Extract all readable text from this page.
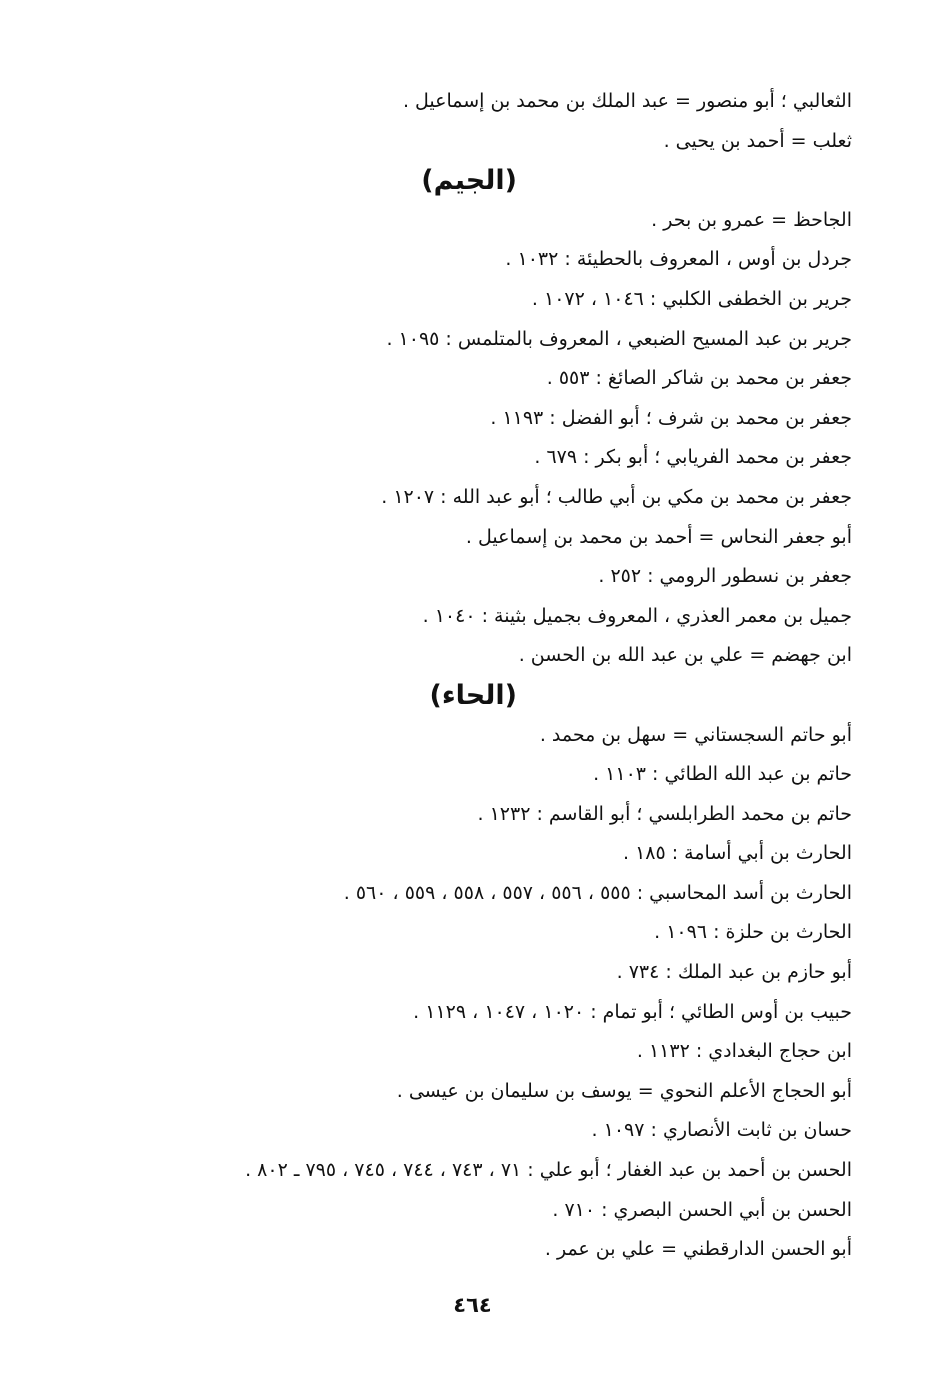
الثعالبي ؛ أبو منصور = عبد الملك بن محمد بن إسماعيل .
ثعلب = أحمد بن يحيى .
(الجيم)
الجاحظ = عمرو بن بحر .
جردل بن أوس ، المعروف بالحطيئة : ١٠٣٢ .
جرير بن الخطفى الكلبي : ١٠٤٦ ، ١٠٧٢ .
جرير بن عبد المسيح الضبعي ، المعروف بالمتلمس : ١٠٩٥ .
جعفر بن محمد بن شاكر الصائغ : ٥٥٣ .
جعفر بن محمد بن شرف ؛ أبو الفضل : ١١٩٣ .
جعفر بن محمد الفريابي ؛ أبو بكر : ٦٧٩ .
جعفر بن محمد بن مكي بن أبي طالب ؛ أبو عبد الله : ١٢٠٧ .
أبو جعفر النحاس = أحمد بن محمد بن إسماعيل .
جعفر بن نسطور الرومي : ٢٥٢ .
جميل بن معمر العذري ، المعروف بجميل بثينة : ١٠٤٠ .
ابن جهضم = علي بن عبد الله بن الحسن .
(الحاء)
أبو حاتم السجستاني = سهل بن محمد .
حاتم بن عبد الله الطائي : ١١٠٣ .
حاتم بن محمد الطرابلسي ؛ أبو القاسم : ١٢٣٢ .
الحارث بن أبي أسامة : ١٨٥ .
الحارث بن أسد المحاسبي : ٥٥٥ ، ٥٥٦ ، ٥٥٧ ، ٥٥٨ ، ٥٥٩ ، ٥٦٠ .
الحارث بن حلزة : ١٠٩٦ .
أبو حازم بن عبد الملك : ٧٣٤ .
حبيب بن أوس الطائي ؛ أبو تمام : ١٠٢٠ ، ١٠٤٧ ، ١١٢٩ .
ابن حجاج البغدادي : ١١٣٢ .
أبو الحجاج الأعلم النحوي = يوسف بن سليمان بن عيسى .
حسان بن ثابت الأنصاري : ١٠٩٧ .
الحسن بن أحمد بن عبد الغفار ؛ أبو علي : ٧١ ، ٧٤٣ ، ٧٤٤ ، ٧٤٥ ، ٧٩٥ ـ ٨٠٢ .
الحسن بن أبي الحسن البصري : ٧١٠ .
أبو الحسن الدارقطني = علي بن عمر .
٤٦٤
